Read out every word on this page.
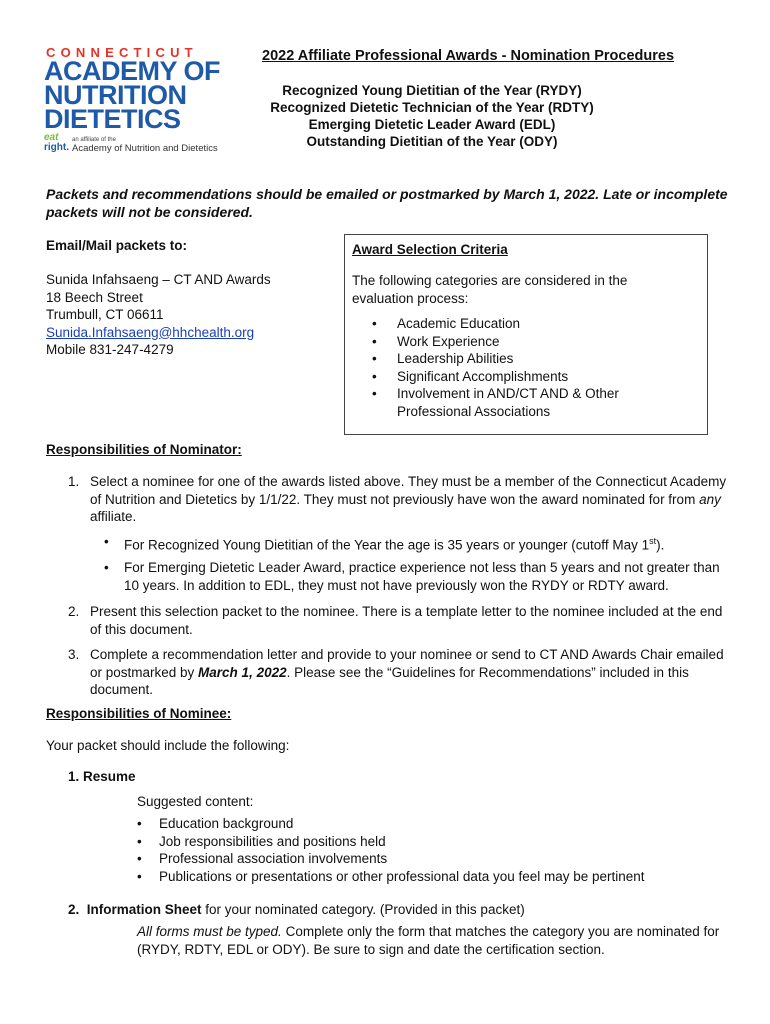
CONNECTICUT
ACADEMY OF
NUTRITION
DIETETICS
eat
right.
an affiliate of the
Academy of Nutrition and Dietetics
2022 Affiliate Professional Awards - Nomination Procedures
Recognized Young Dietitian of the Year (RYDY)
Recognized Dietetic Technician of the Year (RDTY)
Emerging Dietetic Leader Award (EDL)
Outstanding Dietitian of the Year (ODY)
Packets and recommendations should be emailed or postmarked by March 1, 2022. Late or incomplete packets will not be considered.
Email/Mail packets to:
Sunida Infahsaeng – CT AND Awards
18 Beech Street
Trumbull, CT 06611
Sunida.Infahsaeng@hhchealth.org
Mobile 831-247-4279
Award Selection Criteria
The following categories are considered in the evaluation process:
• Academic Education
• Work Experience
• Leadership Abilities
• Significant Accomplishments
• Involvement in AND/CT AND & Other Professional Associations
Responsibilities of Nominator:
1. Select a nominee for one of the awards listed above. They must be a member of the Connecticut Academy of Nutrition and Dietetics by 1/1/22. They must not previously have won the award nominated for from any affiliate.
• For Recognized Young Dietitian of the Year the age is 35 years or younger (cutoff May 1st).
• For Emerging Dietetic Leader Award, practice experience not less than 5 years and not greater than 10 years. In addition to EDL, they must not have previously won the RYDY or RDTY award.
2. Present this selection packet to the nominee. There is a template letter to the nominee included at the end of this document.
3. Complete a recommendation letter and provide to your nominee or send to CT AND Awards Chair emailed or postmarked by March 1, 2022. Please see the “Guidelines for Recommendations” included in this document.
Responsibilities of Nominee:
Your packet should include the following:
1. Resume
Suggested content:
• Education background
• Job responsibilities and positions held
• Professional association involvements
• Publications or presentations or other professional data you feel may be pertinent
2. Information Sheet for your nominated category. (Provided in this packet)
All forms must be typed. Complete only the form that matches the category you are nominated for (RYDY, RDTY, EDL or ODY). Be sure to sign and date the certification section.
